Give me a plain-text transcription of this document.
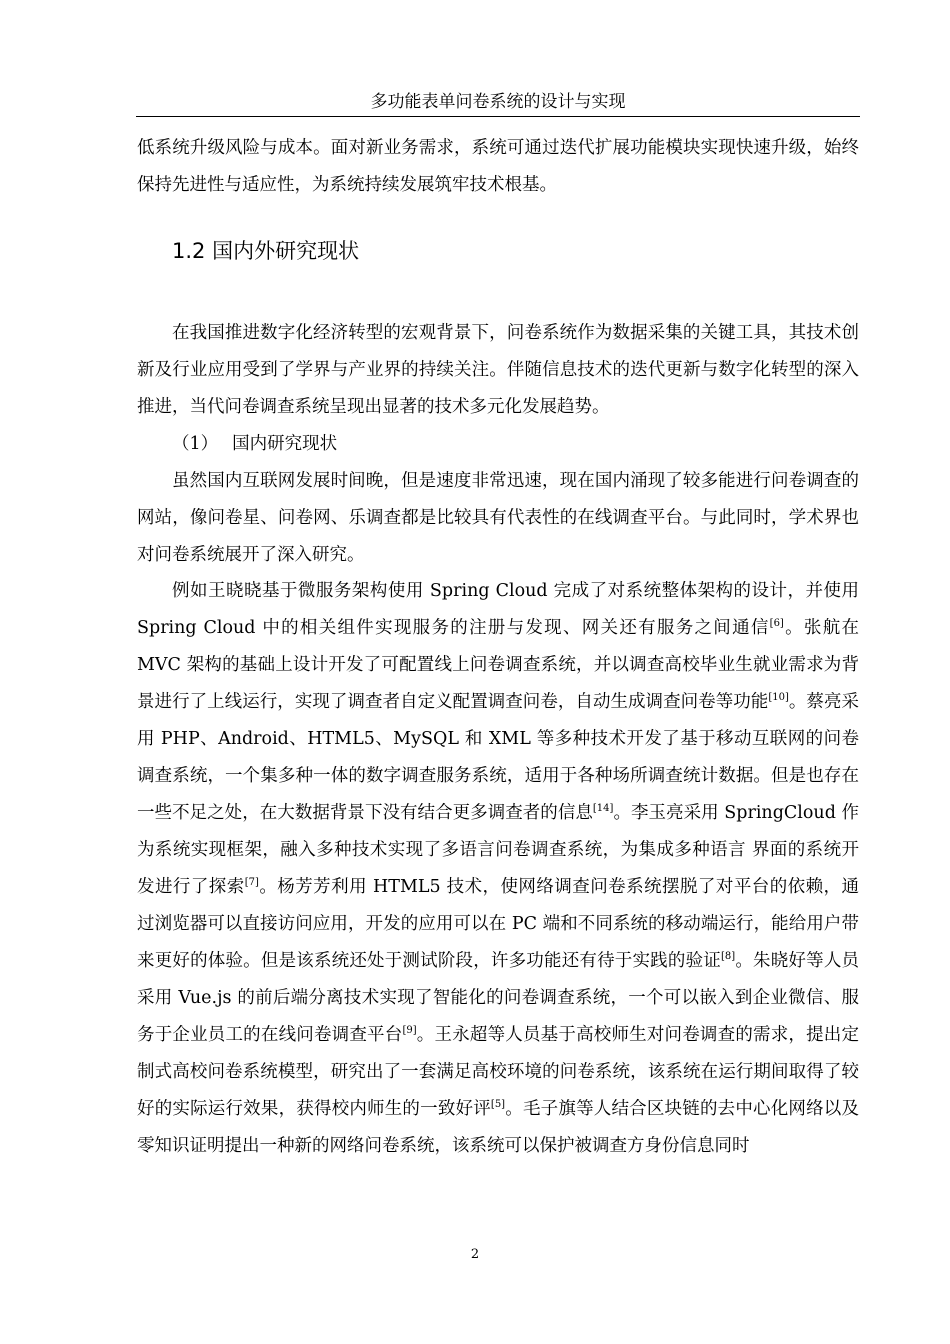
多功能表单问卷系统的设计与实现

低系统升级风险与成本。面对新业务需求，系统可通过迭代扩展功能模块实现快速升级，始终保持先进性与适应性，为系统持续发展筑牢技术根基。

1.2 国内外研究现状

在我国推进数字化经济转型的宏观背景下，问卷系统作为数据采集的关键工具，其技术创新及行业应用受到了学界与产业界的持续关注。伴随信息技术的迭代更新与数字化转型的深入推进，当代问卷调查系统呈现出显著的技术多元化发展趋势。

（1） 国内研究现状

虽然国内互联网发展时间晚，但是速度非常迅速，现在国内涌现了较多能进行问卷调查的网站，像问卷星、问卷网、乐调查都是比较具有代表性的在线调查平台。与此同时，学术界也对问卷系统展开了深入研究。

例如王晓晓基于微服务架构使用 Spring Cloud 完成了对系统整体架构的设计，并使用 Spring Cloud 中的相关组件实现服务的注册与发现、网关还有服务之间通信[6]。张航在 MVC 架构的基础上设计开发了可配置线上问卷调查系统，并以调查高校毕业生就业需求为背景进行了上线运行，实现了调查者自定义配置调查问卷，自动生成调查问卷等功能[10]。蔡亮采用 PHP、Android、HTML5、MySQL 和 XML 等多种技术开发了基于移动互联网的问卷调查系统，一个集多种一体的数字调查服务系统，适用于各种场所调查统计数据。但是也存在一些不足之处，在大数据背景下没有结合更多调查者的信息[14]。李玉亮采用 SpringCloud 作为系统实现框架，融入多种技术实现了多语言问卷调查系统，为集成多种语言 界面的系统开发进行了探索[7]。杨芳芳利用 HTML5 技术，使网络调查问卷系统摆脱了对平台的依赖，通过浏览器可以直接访问应用，开发的应用可以在 PC 端和不同系统的移动端运行，能给用户带来更好的体验。但是该系统还处于测试阶段，许多功能还有待于实践的验证[8]。朱晓好等人员采用 Vue.js 的前后端分离技术实现了智能化的问卷调查系统，一个可以嵌入到企业微信、服务于企业员工的在线问卷调查平台[9]。王永超等人员基于高校师生对问卷调查的需求，提出定制式高校问卷系统模型，研究出了一套满足高校环境的问卷系统，该系统在运行期间取得了较好的实际运行效果，获得校内师生的一致好评[5]。毛子旗等人结合区块链的去中心化网络以及零知识证明提出一种新的网络问卷系统，该系统可以保护被调查方身份信息同时

2
